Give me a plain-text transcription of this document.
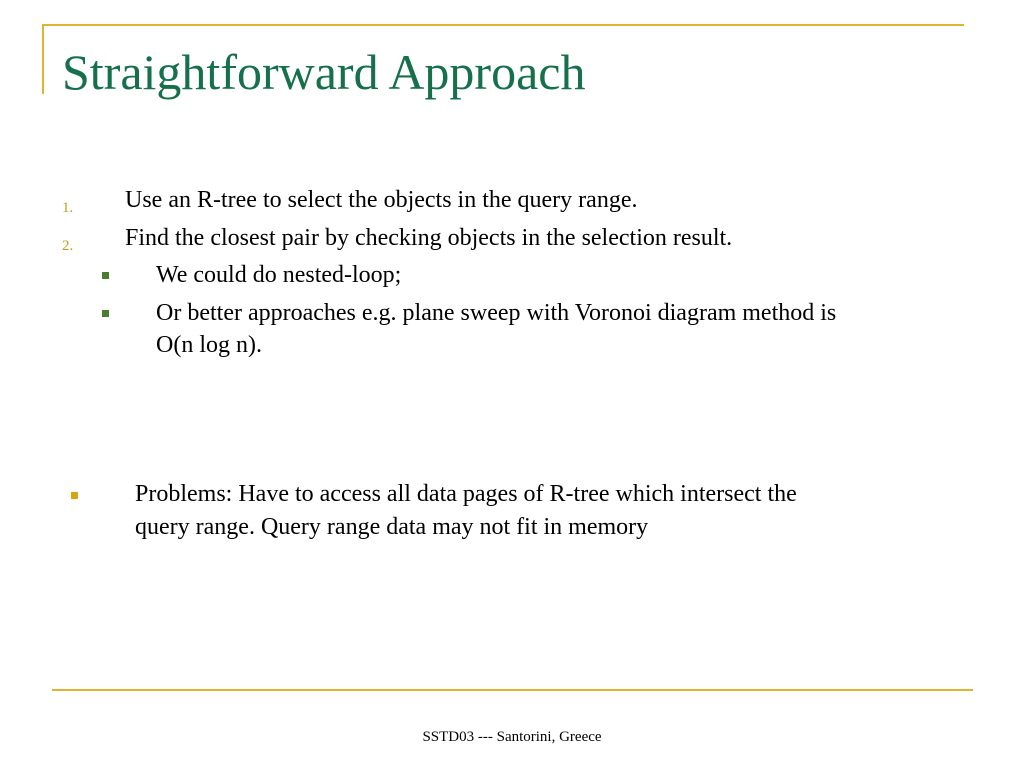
Straightforward Approach
1. Use an R-tree to select the objects in the query range.
2. Find the closest pair by checking objects in the selection result.
We could do nested-loop;
Or better approaches e.g. plane sweep with Voronoi diagram method is
O(n log n).
Problems: Have to access all data pages of R-tree which intersect the
query range. Query range data may not fit in memory
SSTD03 --- Santorini, Greece
